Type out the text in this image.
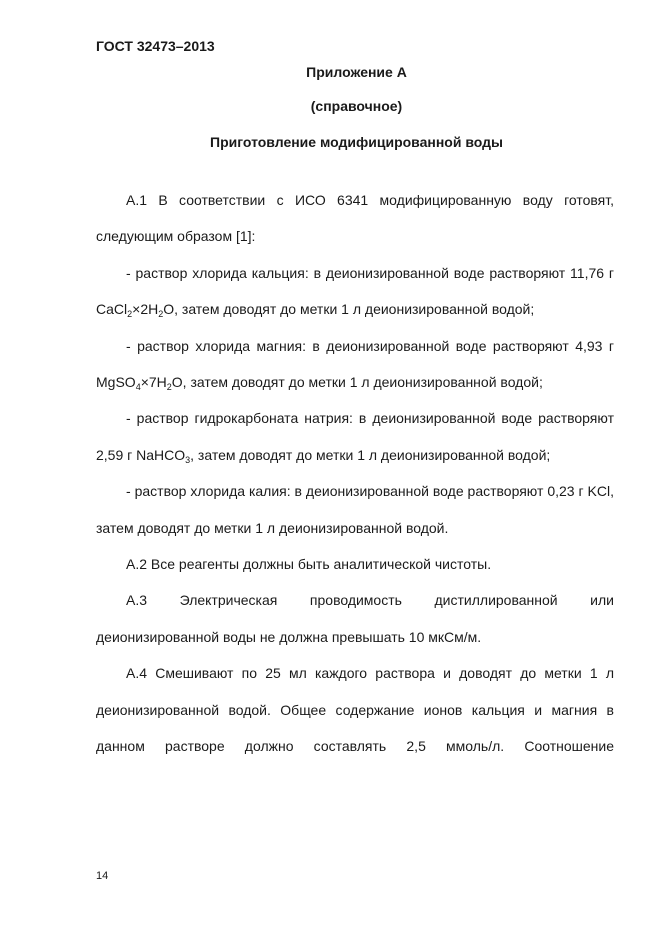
ГОСТ 32473–2013
Приложение А
(справочное)
Приготовление модифицированной воды

А.1 В соответствии с ИСО 6341 модифицированную воду готовят, следующим образом [1]:

- раствор хлорида кальция: в деионизированной воде растворяют 11,76 г $CaCl_2\times 2H_2O$, затем доводят до метки 1 л деионизированной водой;

- раствор хлорида магния: в деионизированной воде растворяют 4,93 г $MgSO_4\times 7H_2O$, затем доводят до метки 1 л деионизированной водой;

- раствор гидрокарбоната натрия: в деионизированной воде растворяют 2,59 г NaHCO$_3$, затем доводят до метки 1 л деионизированной водой;

- раствор хлорида калия: в деионизированной воде растворяют 0,23 г KCl, затем доводят до метки 1 л деионизированной водой.

А.2 Все реагенты должны быть аналитической чистоты.

А.3 Электрическая проводимость дистиллированной или деионизированной воды не должна превышать 10 мкСм/м.

А.4 Смешивают по 25 мл каждого раствора и доводят до метки 1 л деионизированной водой. Общее содержание ионов кальция и магния в данном растворе должно составлять 2,5 ммоль/л. Соотношение

14
